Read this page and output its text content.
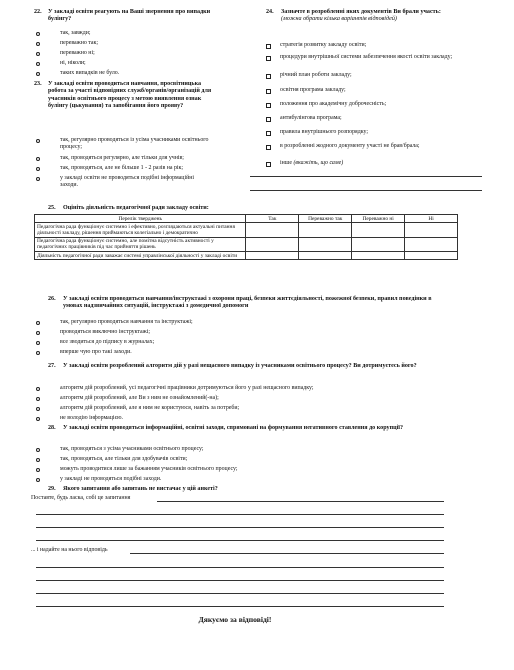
22. У закладі освіти реагують на Ваші звернення про випадки булінгу?
так, завжди;
переважно так;
переважно ні;
ні, ніколи;
таких випадків не було.
23. У закладі освіти проводиться навчання, просвітницька робота за участі відповідних служб/органів/організацій для учасників освітнього процесу з метою виявлення ознак булінгу (цькування) та запобігання його прояву?
так, регулярно проводяться із усіма учасниками освітнього процесу;
так, проводяться регулярно, але тільки для учнів;
так, проводяться, але не більше 1 - 2 разів на рік;
у закладі освіти не проводяться подібні інформаційні заходи.
24. Зазначте в розробленні яких документів Ви брали участь: (можна обрати кілька варіантів відповідей)
стратегія розвитку закладу освіти;
процедури внутрішньої системи забезпечення якості освіти закладу;
річний план роботи закладу;
освітня програма закладу;
положення про академічну доброчесність;
антибулінгова програма;
правила внутрішнього розпорядку;
в розробленні жодного документу участі не брав/брала;
інше (вкажіть, що саме)
25. Оцініть діяльність педагогічної ради закладу освіти:
Перелік тверджень	Так	Переважно так	Переважно ні	Ні
Педагогічна рада функціонує системно і ефективно, розглядаються актуальні питання діяльності закладу, рішення приймаються колегіально і демократично				
Педагогічна рада функціонує системно, але помітна відсутність активності у педагогічних працівників під час прийняття рішень				
Діяльність педагогічної ради заважає системі управлінської діяльності у закладі освіти				
26. У закладі освіти проводяться навчання/інструктажі з охорони праці, безпеки життєдіяльності, пожежної безпеки, правил поведінки в умовах надзвичайних ситуацій, інструктажі з домедичної допомоги
так, регулярно проводяться навчання та інструктажі;
проводяться виключно інструктажі;
все зводиться до підпису в журналах;
вперше чую про такі заходи.
27. У закладі освіти розроблений алгоритм дій у разі нещасного випадку із учасниками освітнього процесу? Ви дотримуєтесь його?
алгоритм дій розроблений, усі педагогічні працівники дотримуються його у разі нещасного випадку;
алгоритм дій розроблений, але Ви з ним не ознайомлений(-на);
алгоритм дій розроблений, але я ним не користуюся, навіть за потреби;
не володію інформацією.
28. У закладі освіти проводяться інформаційні, освітні заходи, спрямовані на формування негативного ставлення до корупції?
так, проводяться з усіма учасниками освітнього процесу;
так, проводяться, але тільки для здобувачів освіти;
можуть проводитися лише за бажанням учасників освітнього процесу;
у закладі не проводяться подібні заходи.
29. Якого запитання або запитань не вистачає у цій анкеті?
Поставте, будь ласка, собі це запитання
... і надайте на нього відповідь
Дякуємо за відповіді!
